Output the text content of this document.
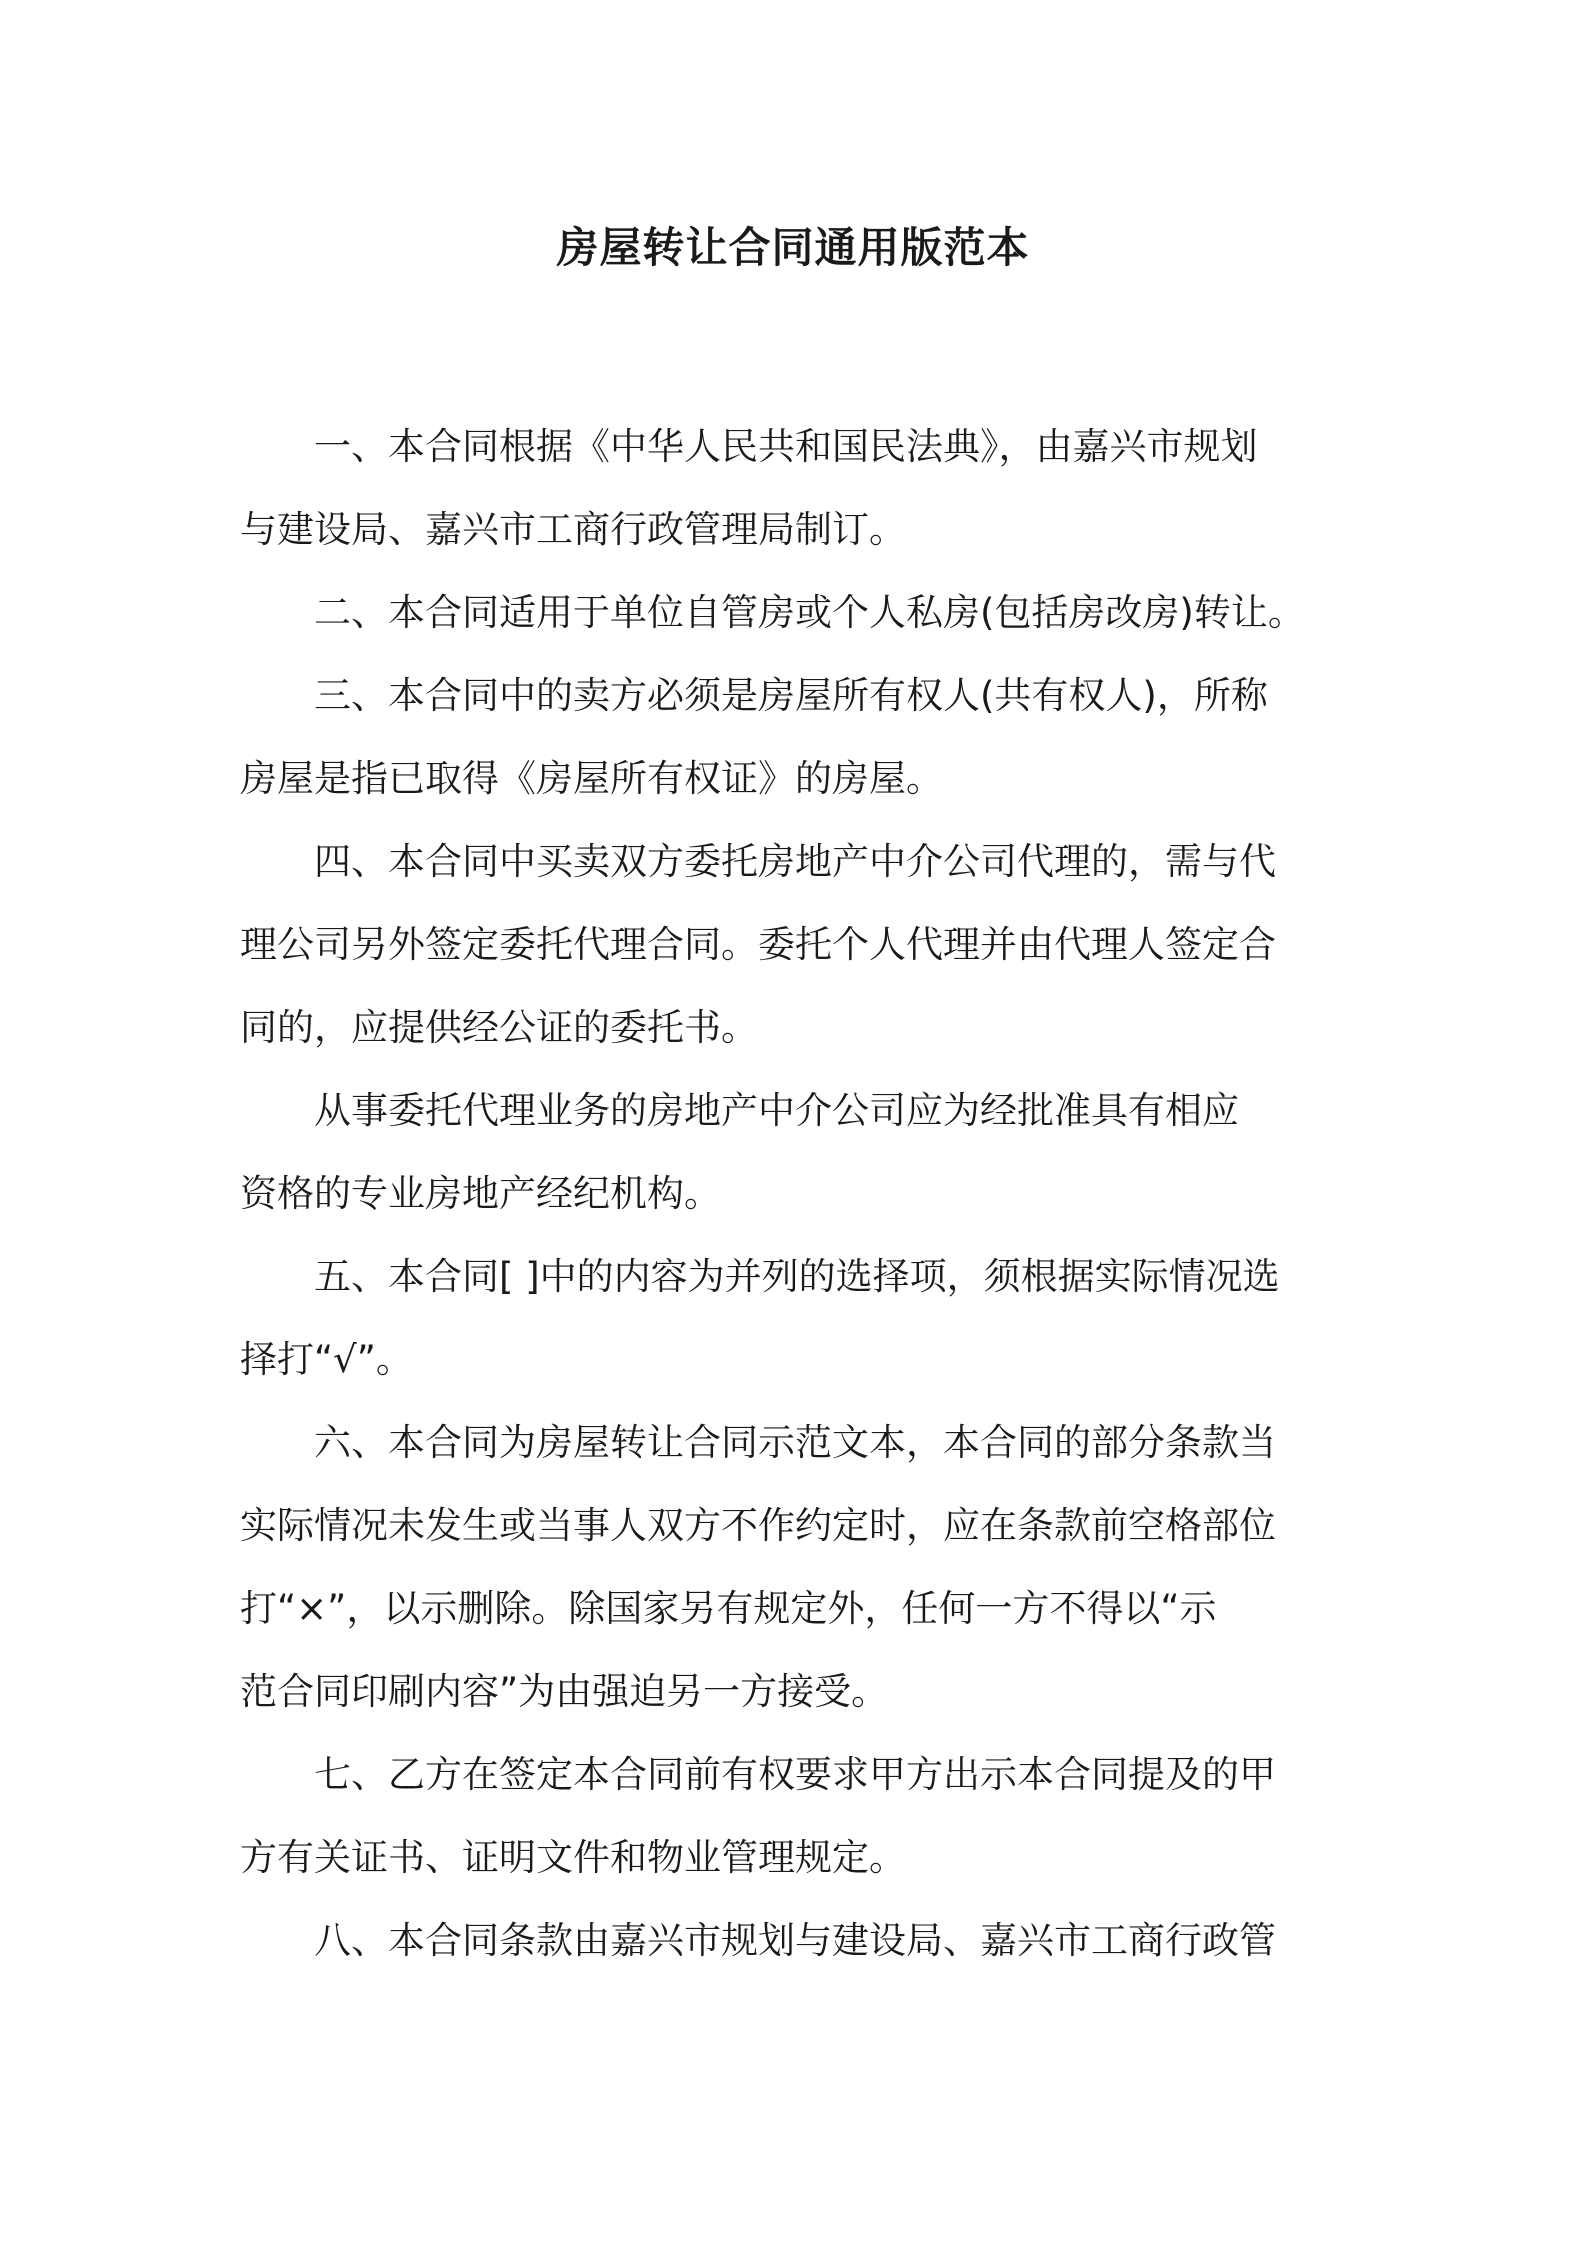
房屋转让合同通用版范本

一、本合同根据《中华人民共和国民法典》，由嘉兴市规划
与建设局、嘉兴市工商行政管理局制订。

二、本合同适用于单位自管房或个人私房(包括房改房)转让。

三、本合同中的卖方必须是房屋所有权人(共有权人)，所称
房屋是指已取得《房屋所有权证》的房屋。

四、本合同中买卖双方委托房地产中介公司代理的，需与代
理公司另外签定委托代理合同。委托个人代理并由代理人签定合
同的，应提供经公证的委托书。

从事委托代理业务的房地产中介公司应为经批准具有相应
资格的专业房地产经纪机构。

五、本合同[ ]中的内容为并列的选择项，须根据实际情况选
择打“√”。

六、本合同为房屋转让合同示范文本，本合同的部分条款当
实际情况未发生或当事人双方不作约定时，应在条款前空格部位
打“×”，以示删除。除国家另有规定外，任何一方不得以“示
范合同印刷内容”为由强迫另一方接受。

七、乙方在签定本合同前有权要求甲方出示本合同提及的甲
方有关证书、证明文件和物业管理规定。

八、本合同条款由嘉兴市规划与建设局、嘉兴市工商行政管
